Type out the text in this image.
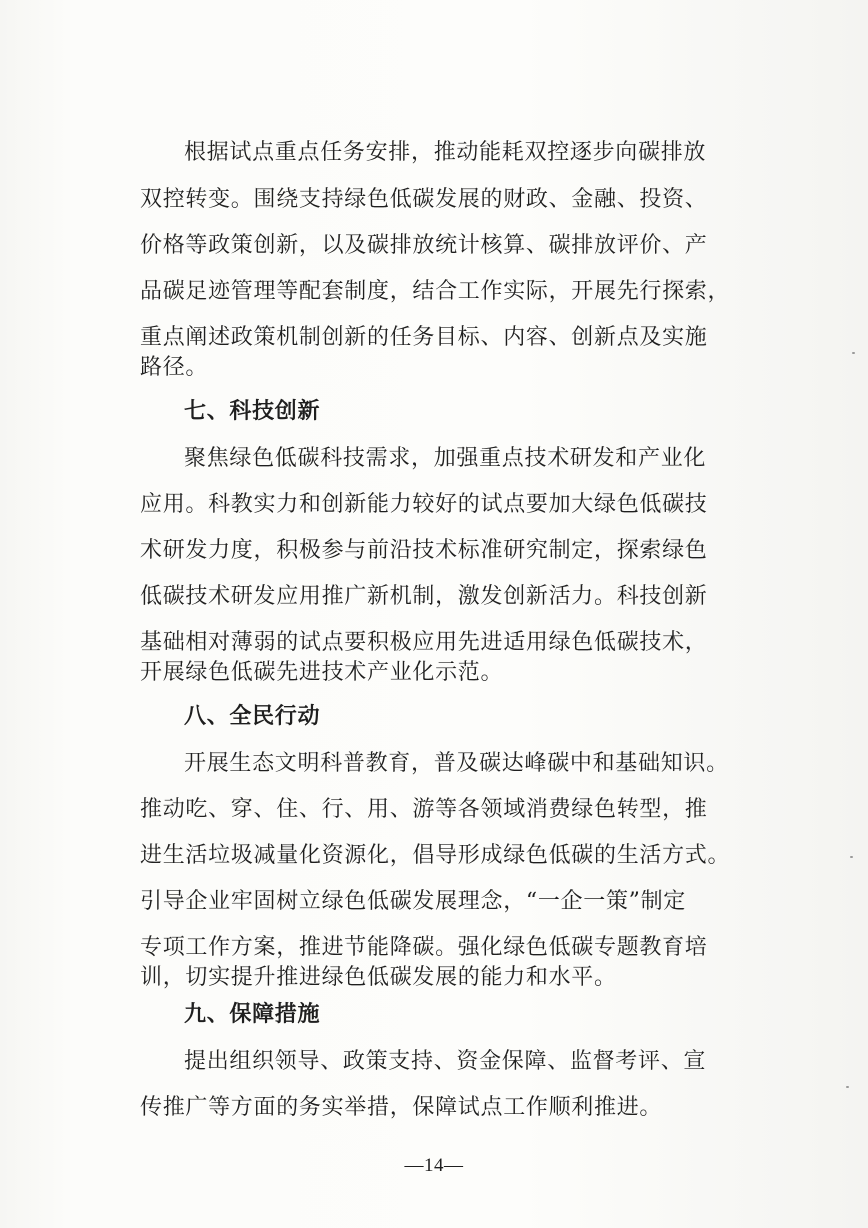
根据试点重点任务安排，推动能耗双控逐步向碳排放
双控转变。围绕支持绿色低碳发展的财政、金融、投资、
价格等政策创新，以及碳排放统计核算、碳排放评价、产
品碳足迹管理等配套制度，结合工作实际，开展先行探索，
重点阐述政策机制创新的任务目标、内容、创新点及实施
路径。
七、科技创新
聚焦绿色低碳科技需求，加强重点技术研发和产业化
应用。科教实力和创新能力较好的试点要加大绿色低碳技
术研发力度，积极参与前沿技术标准研究制定，探索绿色
低碳技术研发应用推广新机制，激发创新活力。科技创新
基础相对薄弱的试点要积极应用先进适用绿色低碳技术，
开展绿色低碳先进技术产业化示范。
八、全民行动
开展生态文明科普教育，普及碳达峰碳中和基础知识。
推动吃、穿、住、行、用、游等各领域消费绿色转型，推
进生活垃圾减量化资源化，倡导形成绿色低碳的生活方式。
引导企业牢固树立绿色低碳发展理念，“一企一策”制定
专项工作方案，推进节能降碳。强化绿色低碳专题教育培
训，切实提升推进绿色低碳发展的能力和水平。
九、保障措施
提出组织领导、政策支持、资金保障、监督考评、宣
传推广等方面的务实举措，保障试点工作顺利推进。
—14—
